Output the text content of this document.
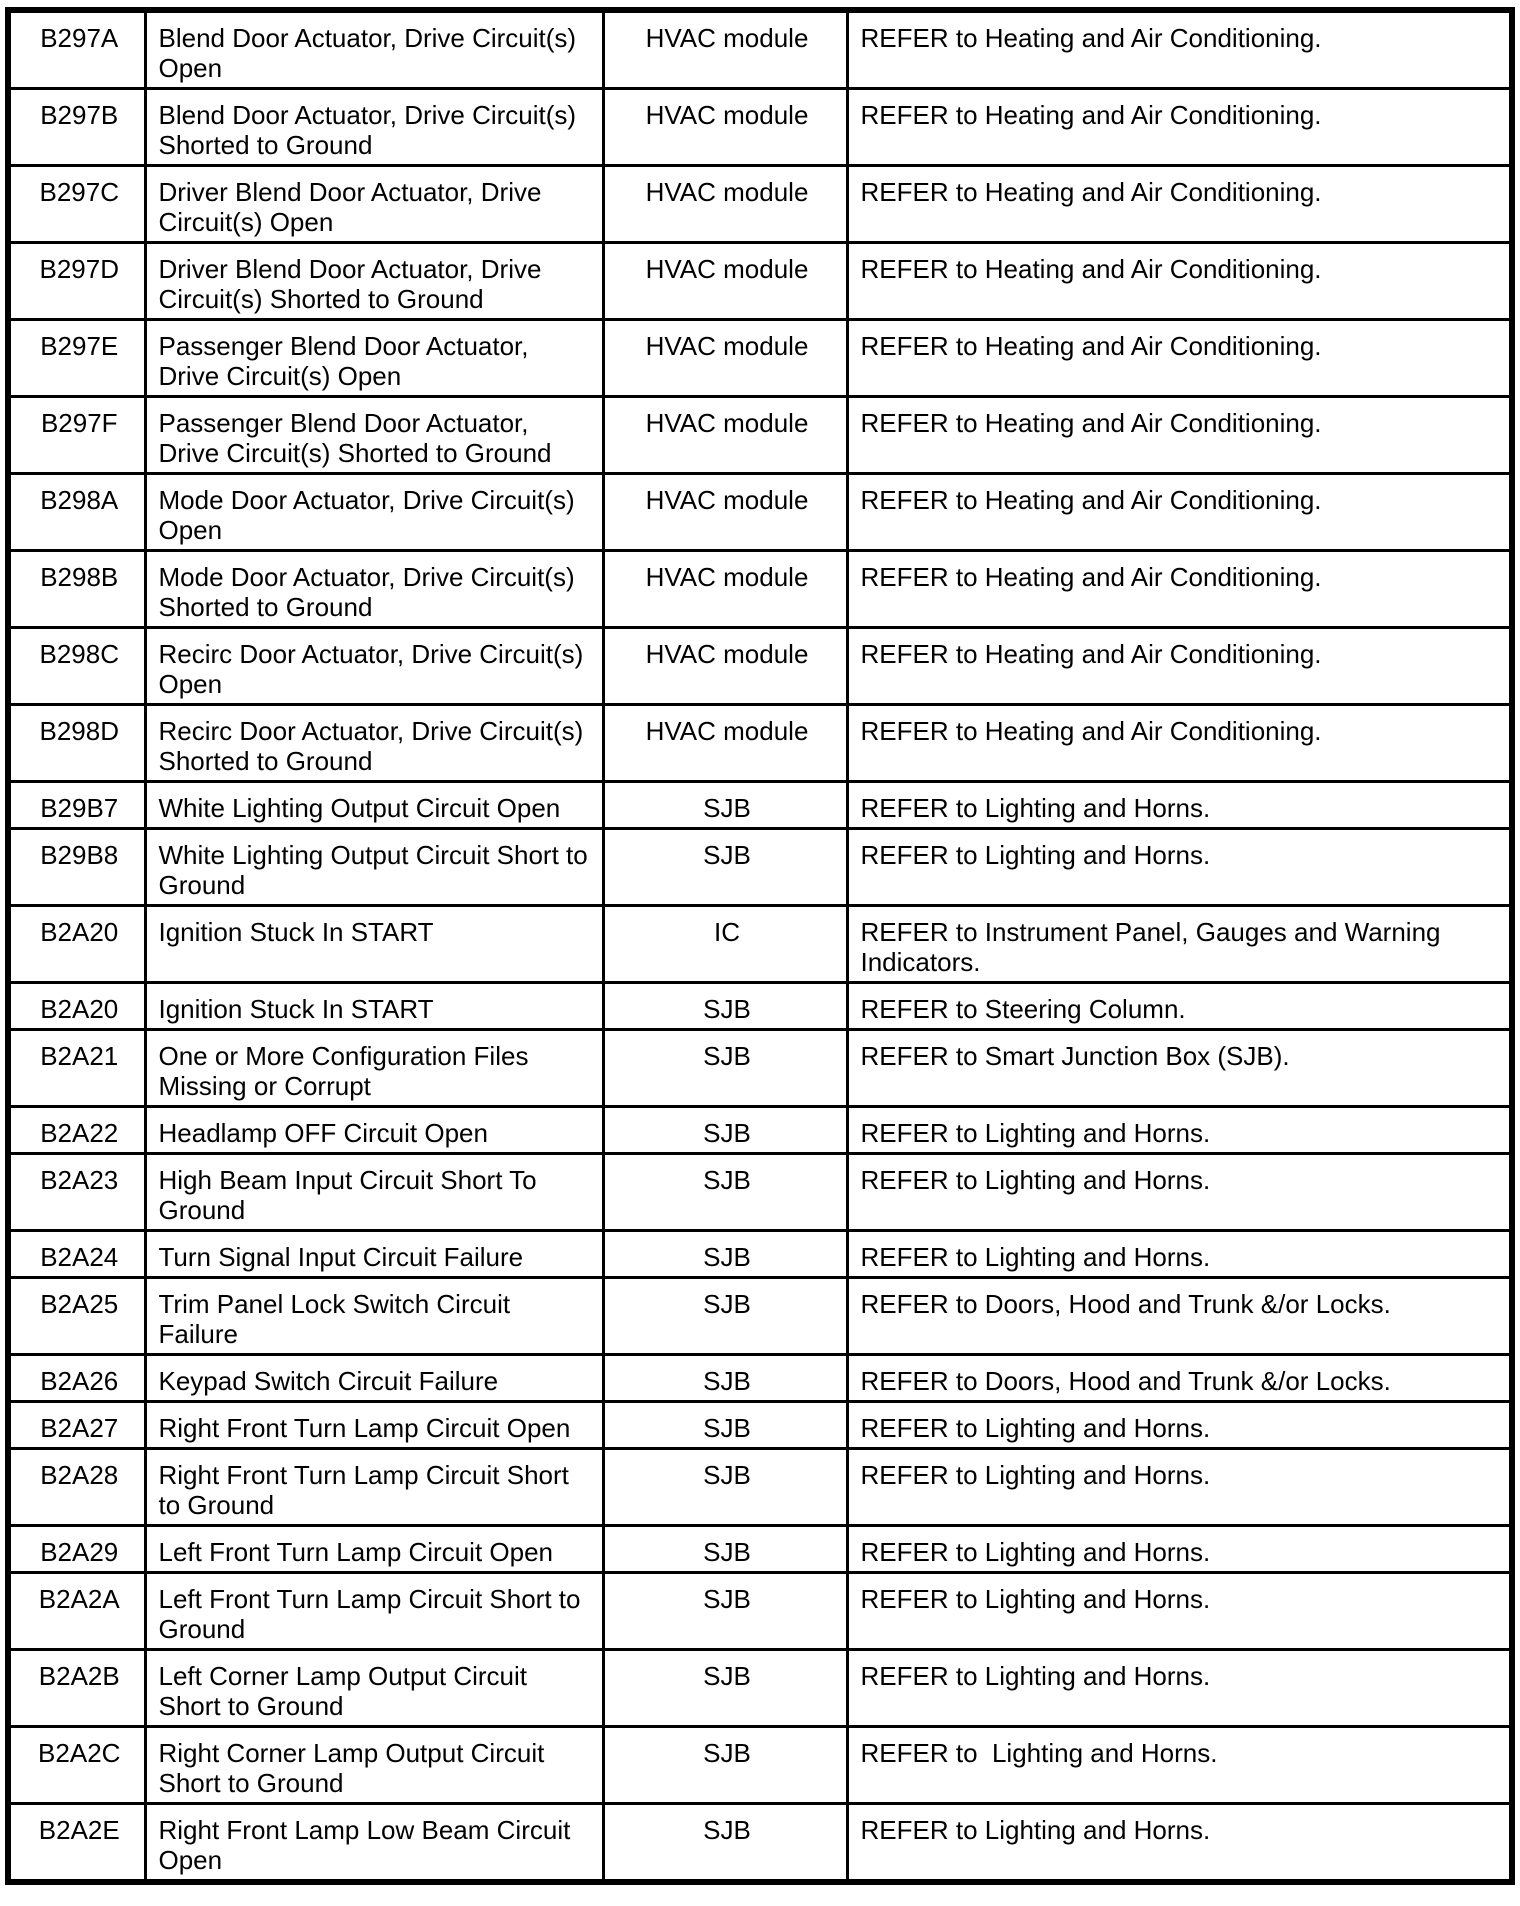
B297A	Blend Door Actuator, Drive Circuit(s) Open	HVAC module	REFER to Heating and Air Conditioning.
B297B	Blend Door Actuator, Drive Circuit(s) Shorted to Ground	HVAC module	REFER to Heating and Air Conditioning.
B297C	Driver Blend Door Actuator, Drive Circuit(s) Open	HVAC module	REFER to Heating and Air Conditioning.
B297D	Driver Blend Door Actuator, Drive Circuit(s) Shorted to Ground	HVAC module	REFER to Heating and Air Conditioning.
B297E	Passenger Blend Door Actuator, Drive Circuit(s) Open	HVAC module	REFER to Heating and Air Conditioning.
B297F	Passenger Blend Door Actuator, Drive Circuit(s) Shorted to Ground	HVAC module	REFER to Heating and Air Conditioning.
B298A	Mode Door Actuator, Drive Circuit(s) Open	HVAC module	REFER to Heating and Air Conditioning.
B298B	Mode Door Actuator, Drive Circuit(s) Shorted to Ground	HVAC module	REFER to Heating and Air Conditioning.
B298C	Recirc Door Actuator, Drive Circuit(s) Open	HVAC module	REFER to Heating and Air Conditioning.
B298D	Recirc Door Actuator, Drive Circuit(s) Shorted to Ground	HVAC module	REFER to Heating and Air Conditioning.
B29B7	White Lighting Output Circuit Open	SJB	REFER to Lighting and Horns.
B29B8	White Lighting Output Circuit Short to Ground	SJB	REFER to Lighting and Horns.
B2A20	Ignition Stuck In START	IC	REFER to Instrument Panel, Gauges and Warning Indicators.
B2A20	Ignition Stuck In START	SJB	REFER to Steering Column.
B2A21	One or More Configuration Files Missing or Corrupt	SJB	REFER to Smart Junction Box (SJB).
B2A22	Headlamp OFF Circuit Open	SJB	REFER to Lighting and Horns.
B2A23	High Beam Input Circuit Short To Ground	SJB	REFER to Lighting and Horns.
B2A24	Turn Signal Input Circuit Failure	SJB	REFER to Lighting and Horns.
B2A25	Trim Panel Lock Switch Circuit Failure	SJB	REFER to Doors, Hood and Trunk &/or Locks.
B2A26	Keypad Switch Circuit Failure	SJB	REFER to Doors, Hood and Trunk &/or Locks.
B2A27	Right Front Turn Lamp Circuit Open	SJB	REFER to Lighting and Horns.
B2A28	Right Front Turn Lamp Circuit Short to Ground	SJB	REFER to Lighting and Horns.
B2A29	Left Front Turn Lamp Circuit Open	SJB	REFER to Lighting and Horns.
B2A2A	Left Front Turn Lamp Circuit Short to Ground	SJB	REFER to Lighting and Horns.
B2A2B	Left Corner Lamp Output Circuit Short to Ground	SJB	REFER to Lighting and Horns.
B2A2C	Right Corner Lamp Output Circuit Short to Ground	SJB	REFER to  Lighting and Horns.
B2A2E	Right Front Lamp Low Beam Circuit Open	SJB	REFER to Lighting and Horns.
